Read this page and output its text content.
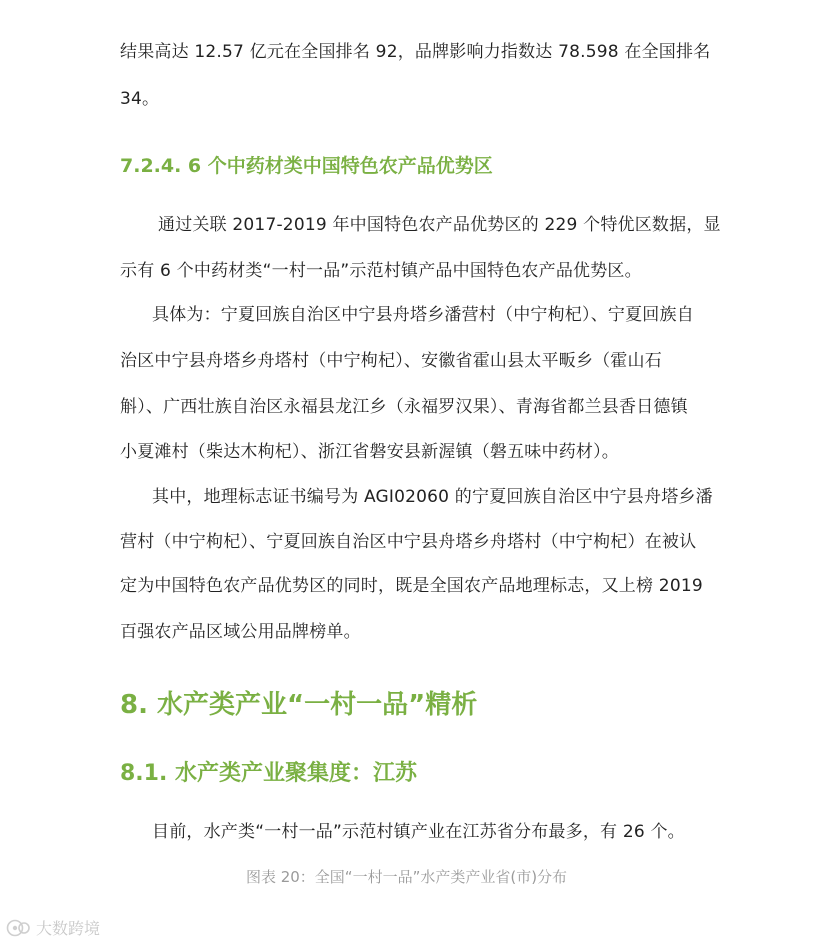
结果高达 12.57 亿元在全国排名 92，品牌影响力指数达 78.598 在全国排名
34。
7.2.4. 6 个中药材类中国特色农产品优势区
通过关联 2017-2019 年中国特色农产品优势区的 229 个特优区数据，显
示有 6 个中药材类“一村一品”示范村镇产品中国特色农产品优势区。
具体为：宁夏回族自治区中宁县舟塔乡潘营村（中宁枸杞）、宁夏回族自
治区中宁县舟塔乡舟塔村（中宁枸杞）、安徽省霍山县太平畈乡（霍山石
斛）、广西壮族自治区永福县龙江乡（永福罗汉果）、青海省都兰县香日德镇
小夏滩村（柴达木枸杞）、浙江省磐安县新渥镇（磐五味中药材）。
其中，地理标志证书编号为 AGI02060 的宁夏回族自治区中宁县舟塔乡潘
营村（中宁枸杞）、宁夏回族自治区中宁县舟塔乡舟塔村（中宁枸杞）在被认
定为中国特色农产品优势区的同时，既是全国农产品地理标志，又上榜 2019
百强农产品区域公用品牌榜单。
8. 水产类产业“一村一品”精析
8.1. 水产类产业聚集度：江苏
目前，水产类“一村一品”示范村镇产业在江苏省分布最多，有 26 个。
图表 20：全国“一村一品”水产类产业省(市)分布
大数跨境
